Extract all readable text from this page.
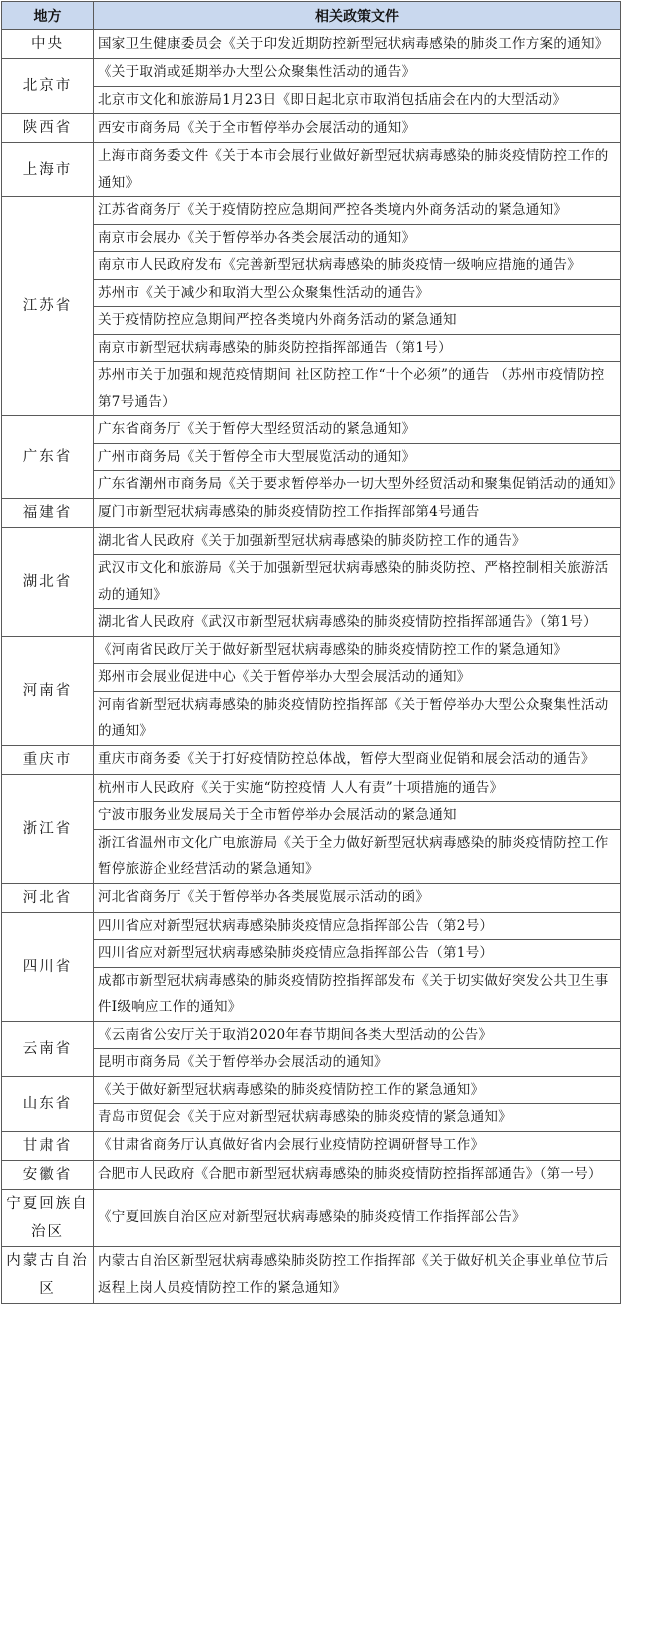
地方	相关政策文件
中央	国家卫生健康委员会《关于印发近期防控新型冠状病毒感染的肺炎工作方案的通知》
北京市	《关于取消或延期举办大型公众聚集性活动的通告》
	北京市文化和旅游局1月23日《即日起北京市取消包括庙会在内的大型活动》
陕西省	西安市商务局《关于全市暂停举办会展活动的通知》
上海市	上海市商务委文件《关于本市会展行业做好新型冠状病毒感染的肺炎疫情防控工作的通知》
江苏省	江苏省商务厅《关于疫情防控应急期间严控各类境内外商务活动的紧急通知》
	南京市会展办《关于暂停举办各类会展活动的通知》
	南京市人民政府发布《完善新型冠状病毒感染的肺炎疫情一级响应措施的通告》
	苏州市《关于减少和取消大型公众聚集性活动的通告》
	关于疫情防控应急期间严控各类境内外商务活动的紧急通知
	南京市新型冠状病毒感染的肺炎防控指挥部通告（第1号）
	苏州市关于加强和规范疫情期间 社区防控工作“十个必须”的通告 （苏州市疫情防控第7号通告）
广东省	广东省商务厅《关于暂停大型经贸活动的紧急通知》
	广州市商务局《关于暂停全市大型展览活动的通知》
	广东省潮州市商务局《关于要求暂停举办一切大型外经贸活动和聚集促销活动的通知》
福建省	厦门市新型冠状病毒感染的肺炎疫情防控工作指挥部第4号通告
湖北省	湖北省人民政府《关于加强新型冠状病毒感染的肺炎防控工作的通告》
	武汉市文化和旅游局《关于加强新型冠状病毒感染的肺炎防控、严格控制相关旅游活动的通知》
	湖北省人民政府《武汉市新型冠状病毒感染的肺炎疫情防控指挥部通告》（第1号）
河南省	《河南省民政厅关于做好新型冠状病毒感染的肺炎疫情防控工作的紧急通知》
	郑州市会展业促进中心《关于暂停举办大型会展活动的通知》
	河南省新型冠状病毒感染的肺炎疫情防控指挥部《关于暂停举办大型公众聚集性活动的通知》
重庆市	重庆市商务委《关于打好疫情防控总体战，暂停大型商业促销和展会活动的通告》
浙江省	杭州市人民政府《关于实施“防控疫情 人人有责”十项措施的通告》
	宁波市服务业发展局关于全市暂停举办会展活动的紧急通知
	浙江省温州市文化广电旅游局《关于全力做好新型冠状病毒感染的肺炎疫情防控工作暂停旅游企业经营活动的紧急通知》
河北省	河北省商务厅《关于暂停举办各类展览展示活动的函》
四川省	四川省应对新型冠状病毒感染肺炎疫情应急指挥部公告（第2号）
	四川省应对新型冠状病毒感染肺炎疫情应急指挥部公告（第1号）
	成都市新型冠状病毒感染的肺炎疫情防控指挥部发布《关于切实做好突发公共卫生事件Ⅰ级响应工作的通知》
云南省	《云南省公安厅关于取消2020年春节期间各类大型活动的公告》
	昆明市商务局《关于暂停举办会展活动的通知》
山东省	《关于做好新型冠状病毒感染的肺炎疫情防控工作的紧急通知》
	青岛市贸促会《关于应对新型冠状病毒感染的肺炎疫情的紧急通知》
甘肃省	《甘肃省商务厅认真做好省内会展行业疫情防控调研督导工作》
安徽省	合肥市人民政府《合肥市新型冠状病毒感染的肺炎疫情防控指挥部通告》（第一号）
宁夏回族自治区	《宁夏回族自治区应对新型冠状病毒感染的肺炎疫情工作指挥部公告》
内蒙古自治区	内蒙古自治区新型冠状病毒感染肺炎防控工作指挥部《关于做好机关企事业单位节后返程上岗人员疫情防控工作的紧急通知》
